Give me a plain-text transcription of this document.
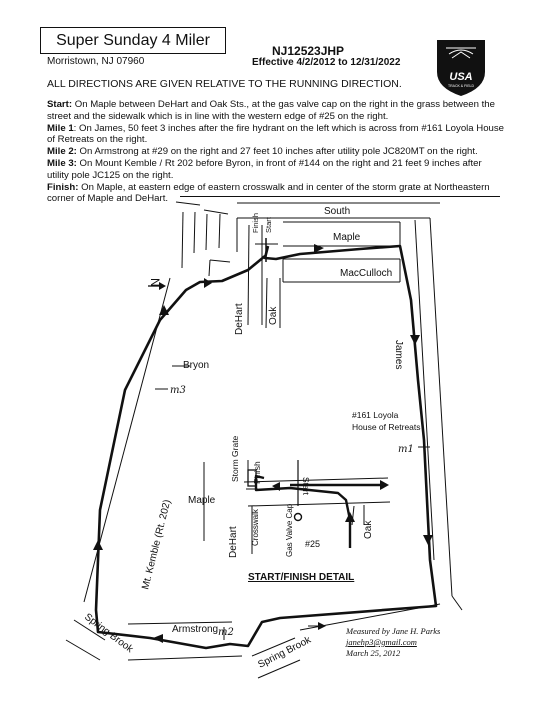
Super Sunday 4 Miler
Morristown, NJ 07960
NJ12523JHP
Effective 4/2/2012 to 12/31/2022
USA
TRACK & FIELD
Finish Start
N
South
Maple
MacCulloch
DeHart Oak
James
Bryon
Mt. Kemble (Rt. 202)
Armstrong
Spring Brook
Spring Brook
#161 Loyola
House of Retreats
m1
m2
m3
Storm Grate Finish
Start
Maple
DeHart Crosswalk	Gas Valve Cap #25
Oak
START/FINISH DETAIL
ALL DIRECTIONS ARE GIVEN RELATIVE TO THE RUNNING DIRECTION.

Start: On Maple between DeHart and Oak Sts., at the gas valve cap on the right in the grass between the street and the sidewalk which is in line with the western edge of #25 on the right.

Mile 1: On James, 50 feet 3 inches after the fire hydrant on the left which is across from #161 Loyola House of Retreats on the right.

Mile 2: On Armstrong at #29 on the right and 27 feet 10 inches after utility pole JC820MT on the right.

Mile 3: On Mount Kemble / Rt 202 before Byron, in front of #144 on the right and 21 feet 9 inches after utility pole JC125 on the right.

Finish: On Maple, at eastern edge of eastern crosswalk and in center of the storm grate at Northeastern corner of Maple and DeHart.

Measured by Jane H. Parks
janehp3@gmail.com
March 25, 2012
